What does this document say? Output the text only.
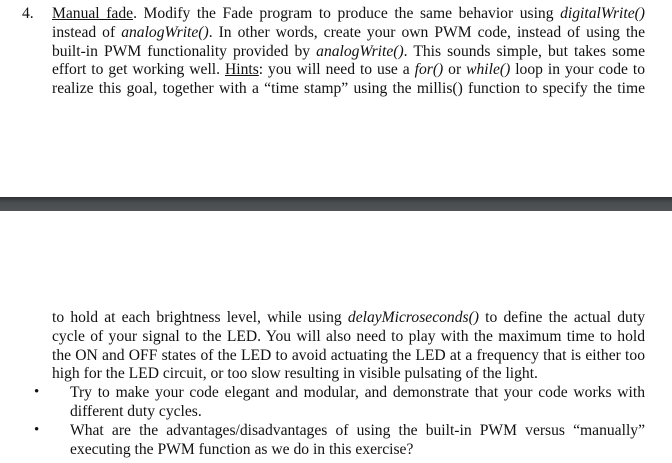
4. Manual fade. Modify the Fade program to produce the same behavior using digitalWrite()
instead of analogWrite(). In other words, create your own PWM code, instead of using the
built-in PWM functionality provided by analogWrite(). This sounds simple, but takes some
effort to get working well. Hints: you will need to use a for() or while() loop in your code to
realize this goal, together with a “time stamp” using the millis() function to specify the time
to hold at each brightness level, while using delayMicroseconds() to define the actual duty
cycle of your signal to the LED. You will also need to play with the maximum time to hold
the ON and OFF states of the LED to avoid actuating the LED at a frequency that is either too
high for the LED circuit, or too slow resulting in visible pulsating of the light.
• Try to make your code elegant and modular, and demonstrate that your code works with
different duty cycles.
• What are the advantages/disadvantages of using the built-in PWM versus “manually”
executing the PWM function as we do in this exercise?
